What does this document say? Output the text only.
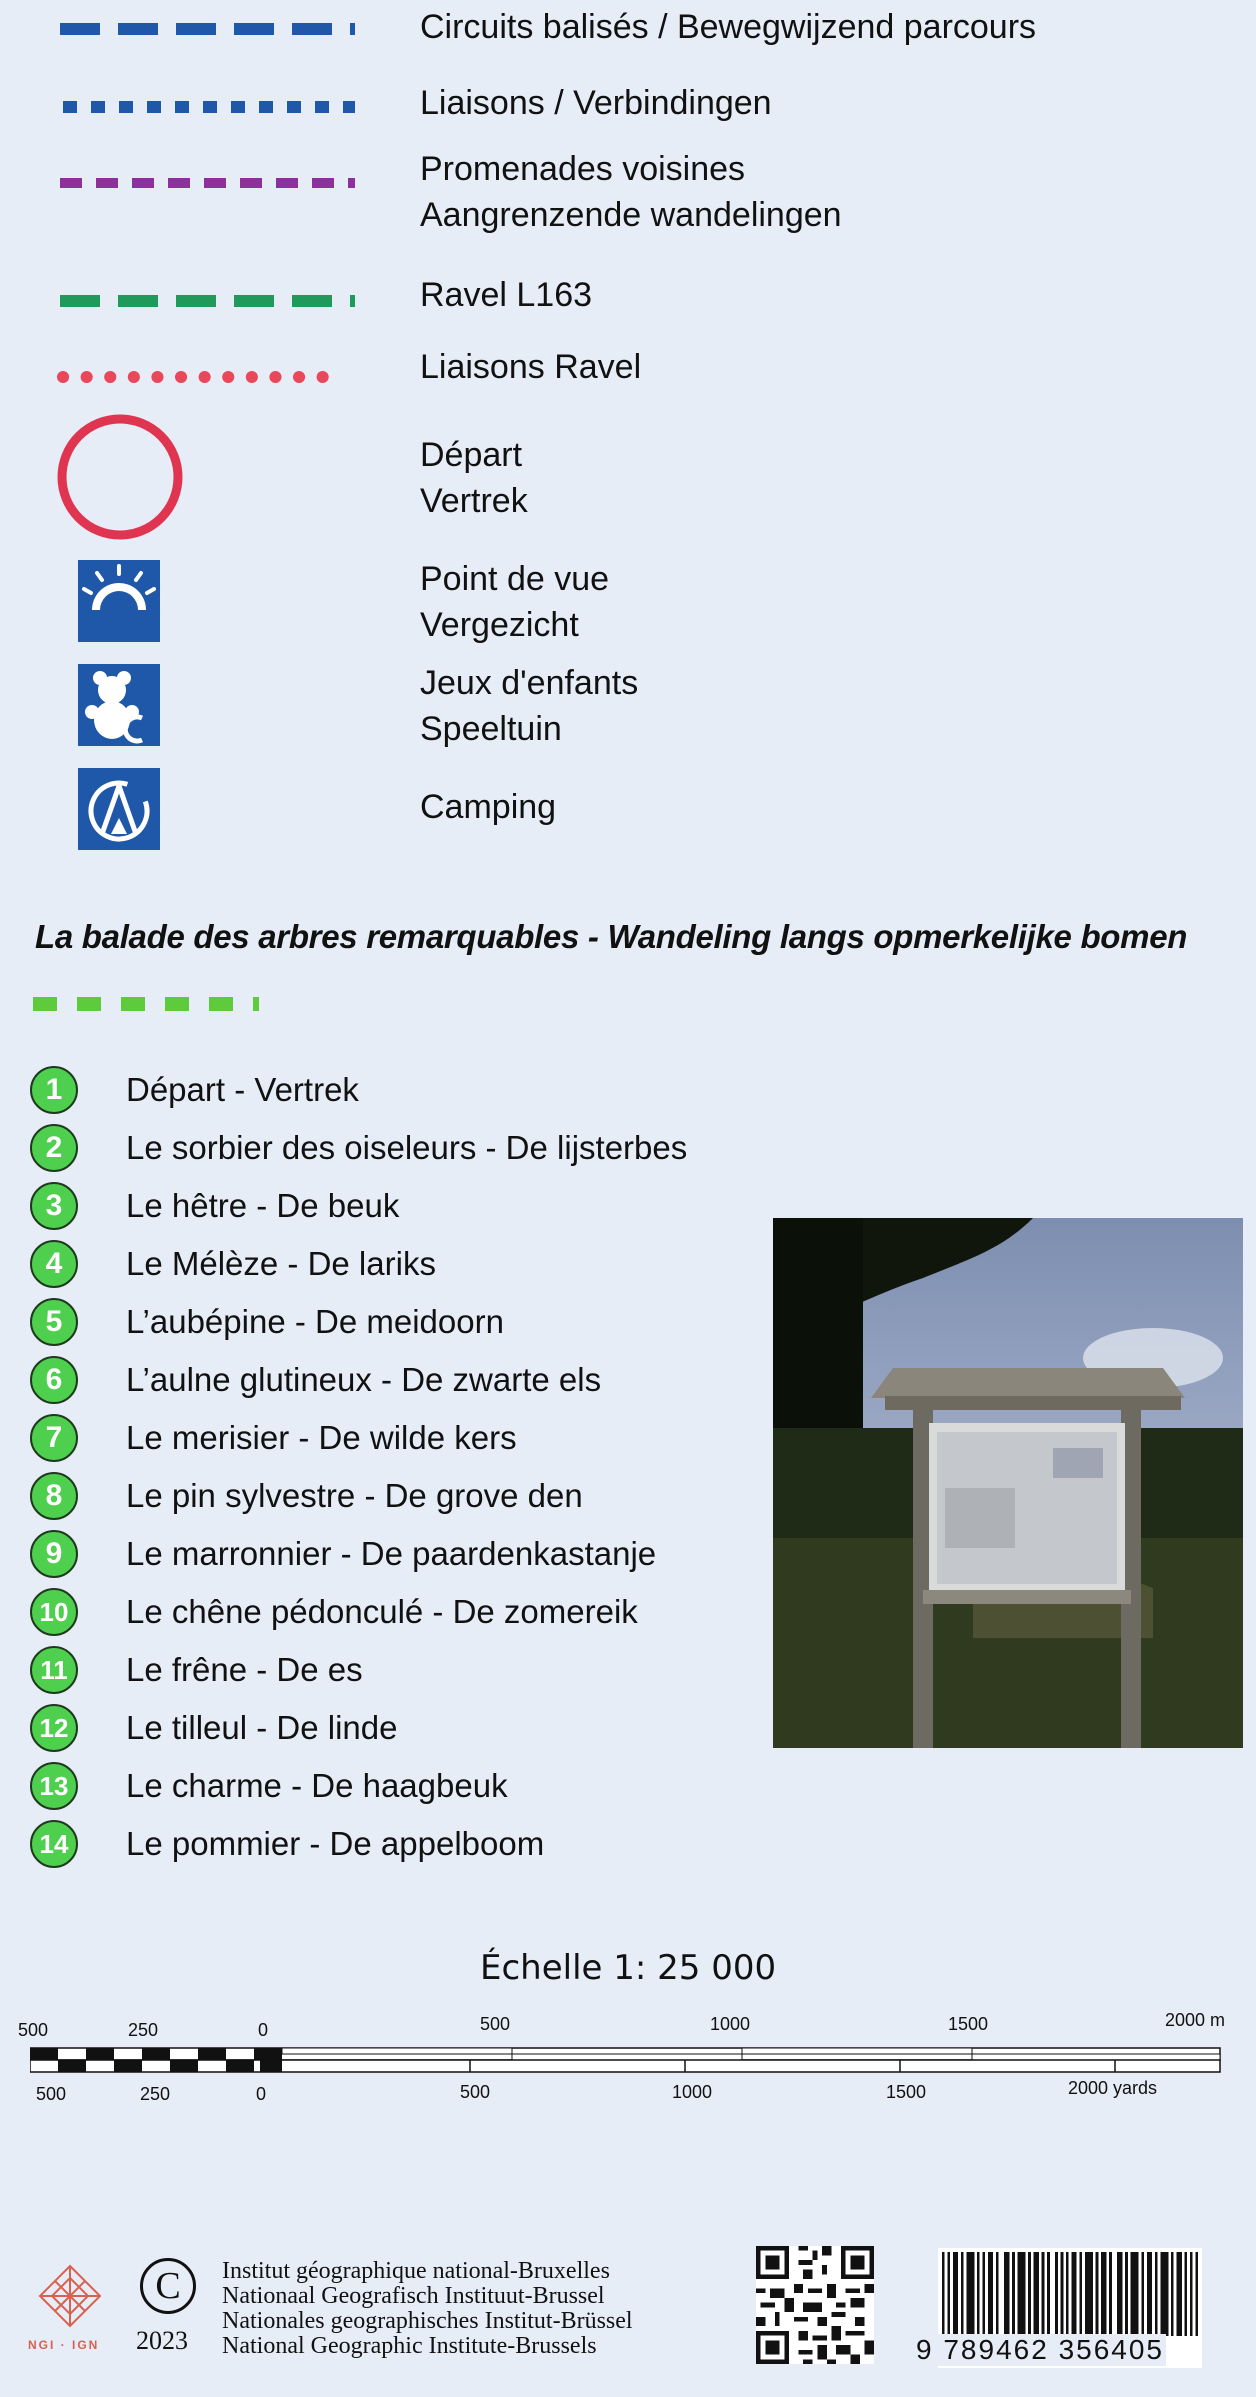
Circuits balisés / Bewegwijzend parcours
Liaisons / Verbindingen
Promenades voisines
Aangrenzende wandelingen
Ravel L163
Liaisons Ravel
Départ
Vertrek
Point de vue
Vergezicht
Jeux d'enfants
Speeltuin
Camping
La balade des arbres remarquables - Wandeling langs opmerkelijke bomen
1	Départ - Vertrek
2	Le sorbier des oiseleurs - De lijsterbes
3	Le hêtre - De beuk
4	Le Mélèze - De lariks
5	L’aubépine - De meidoorn
6	L’aulne glutineux - De zwarte els
7	Le merisier - De wilde kers
8	Le pin sylvestre - De grove den
9	Le marronnier - De paardenkastanje
10 Le chêne pédonculé - De zomereik
11	Le frêne - De es
12 Le tilleul - De linde
13 Le charme - De haagbeuk
14 Le pommier - De appelboom
Échelle 1: 25 000
500	250	0	500	1000	1500	2000 m
500	250	0	500	1000	1500	2000 yards
NGI · IGN
C
2023
Institut géographique national-Bruxelles
Nationaal Geografisch Instituut-Brussel
Nationales geographisches Institut-Brüssel
National Geographic Institute-Brussels	9 789462 356405
